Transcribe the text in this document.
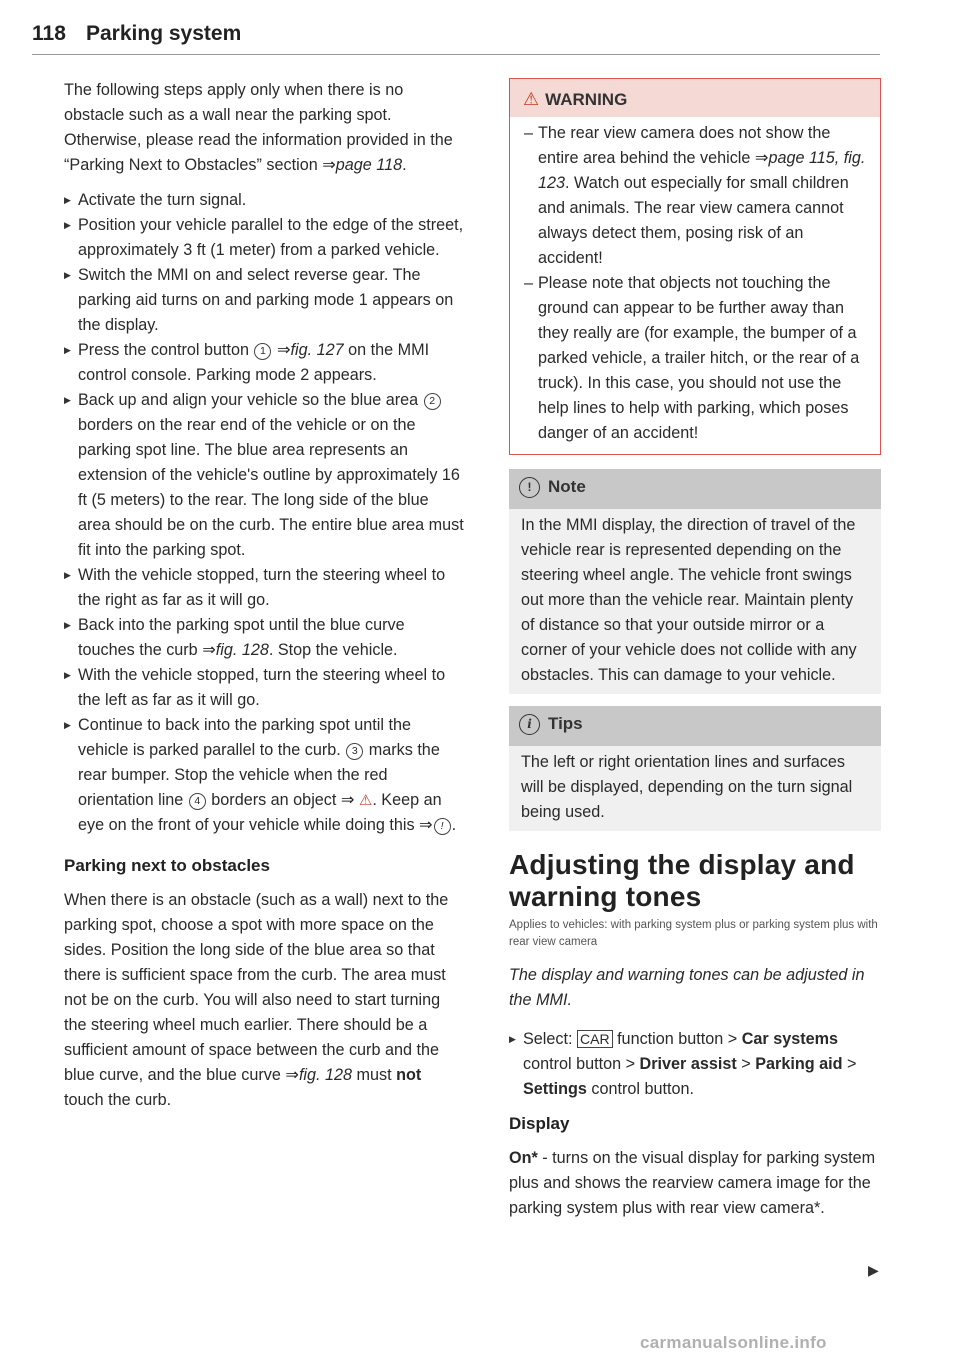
118 Parking system

The following steps apply only when there is no obstacle such as a wall near the parking spot. Otherwise, please read the information provided in the “Parking Next to Obstacles” section ⇒page 118.

▶ Activate the turn signal.
▶ Position your vehicle parallel to the edge of the street, approximately 3 ft (1 meter) from a parked vehicle.
▶ Switch the MMI on and select reverse gear. The parking aid turns on and parking mode 1 appears on the display.
▶ Press the control button 1 ⇒fig. 127 on the MMI control console. Parking mode 2 appears.
▶ Back up and align your vehicle so the blue area 2 borders on the rear end of the vehicle or on the parking spot line. The blue area represents an extension of the vehicle's outline by approximately 16 ft (5 meters) to the rear. The long side of the blue area should be on the curb. The entire blue area must fit into the parking spot.
▶ With the vehicle stopped, turn the steering wheel to the right as far as it will go.
▶ Back into the parking spot until the blue curve touches the curb ⇒fig. 128. Stop the vehicle.
▶ With the vehicle stopped, turn the steering wheel to the left as far as it will go.
▶ Continue to back into the parking spot until the vehicle is parked parallel to the curb. 3 marks the rear bumper. Stop the vehicle when the red orientation line 4 borders an object ⇒ ⚠. Keep an eye on the front of your vehicle while doing this ⇒ ! .
Parking next to obstacles

When there is an obstacle (such as a wall) next to the parking spot, choose a spot with more space on the sides. Position the long side of the blue area so that there is sufficient space from the curb. The area must not be on the curb. You will also need to start turning the steering wheel much earlier. There should be a sufficient amount of space between the curb and the blue curve, and the blue curve ⇒fig. 128 must not touch the curb.

⚠ WARNING
– The rear view camera does not show the entire area behind the vehicle ⇒page 115, fig. 123. Watch out especially for small children and animals. The rear view camera cannot always detect them, posing risk of an accident!
– Please note that objects not touching the ground can appear to be further away than they really are (for example, the bumper of a parked vehicle, a trailer hitch, or the rear of a truck). In this case, you should not use the help lines to help with parking, which poses danger of an accident!
! Note

In the MMI display, the direction of travel of the vehicle rear is represented depending on the steering wheel angle. The vehicle front swings out more than the vehicle rear. Maintain plenty of distance so that your outside mirror or a corner of your vehicle does not collide with any obstacles. This can damage to your vehicle.

i Tips

The left or right orientation lines and surfaces will be displayed, depending on the turn signal being used.

Adjusting the display and warning tones
Applies to vehicles: with parking system plus or parking system plus with rear view camera

The display and warning tones can be adjusted in the MMI.

▶ Select: CAR function button > Car systems control button > Driver assist > Parking aid > Settings control button.
Display

On* - turns on the visual display for parking system plus and shows the rearview camera image for the parking system plus with rear view camera*.

▶
carmanualsonline.info
